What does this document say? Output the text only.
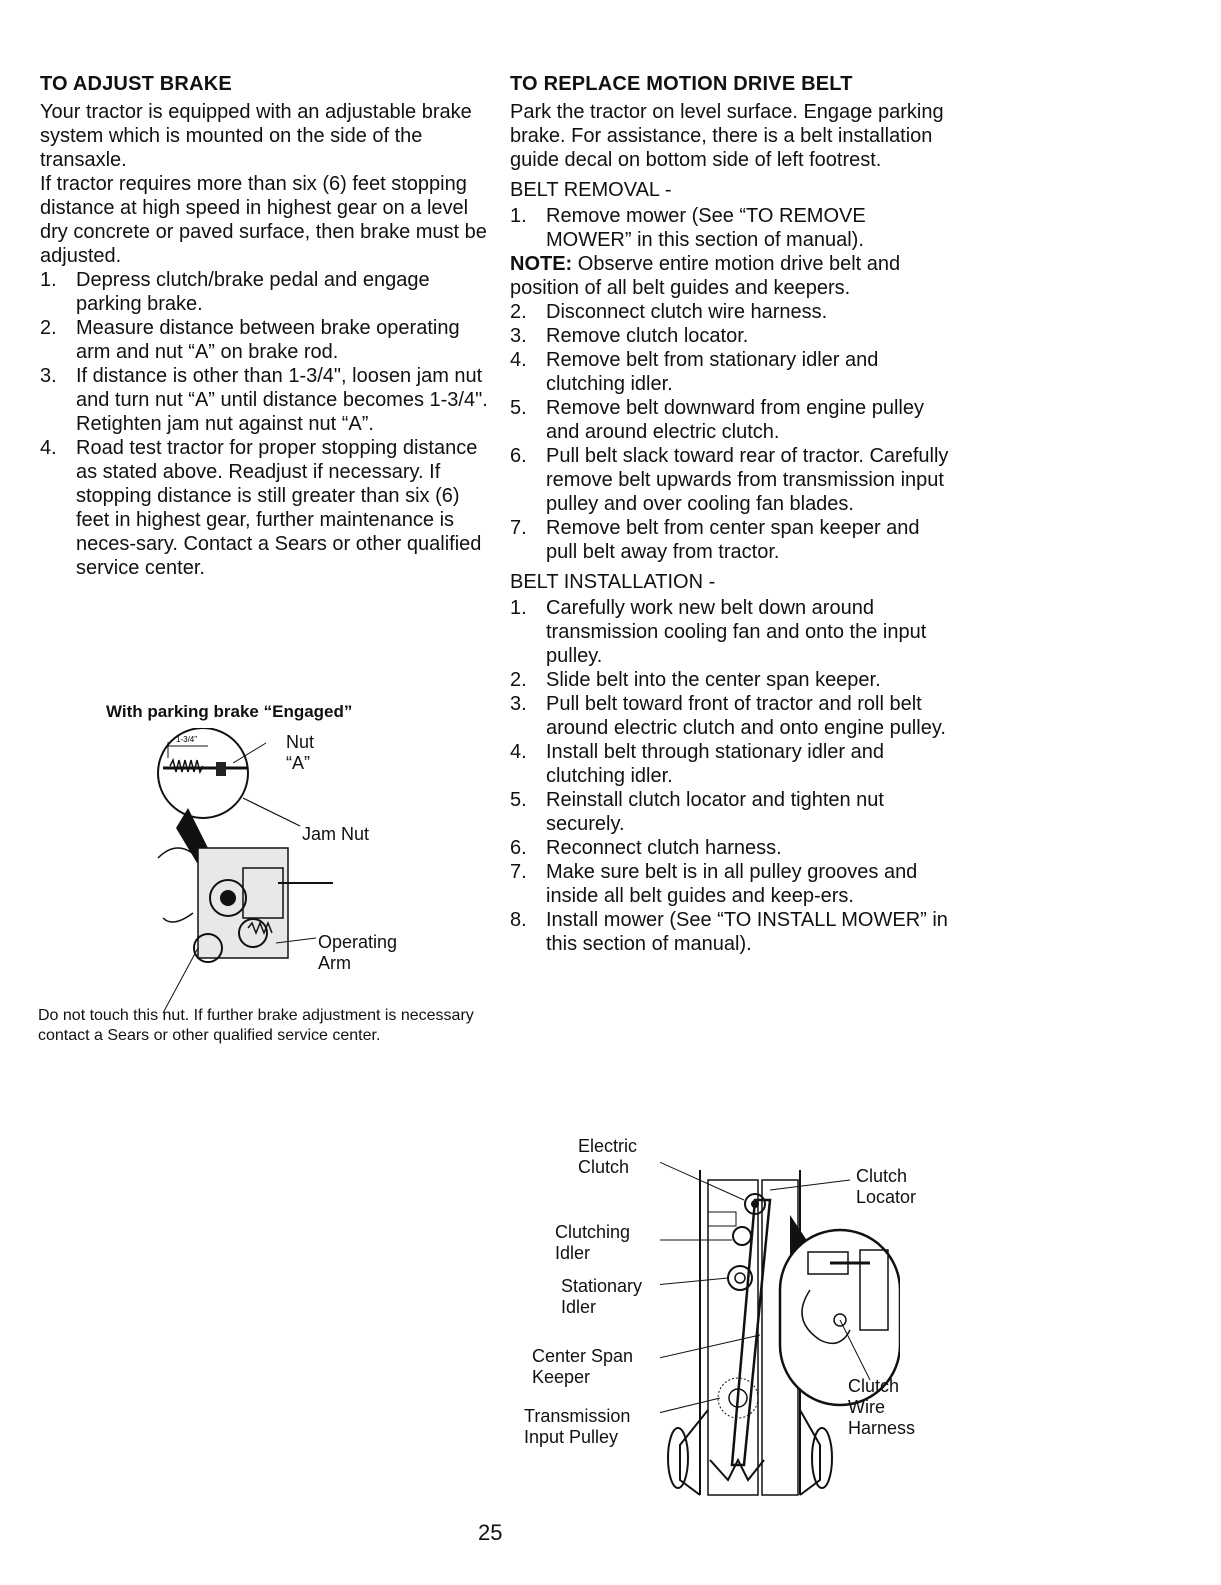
TO ADJUST BRAKE

Your tractor is equipped with an adjustable brake system which is mounted on the side of the transaxle.

If tractor requires more than six (6) feet stopping distance at high speed in highest gear on a level dry concrete or paved surface, then brake must be adjusted.

1. Depress clutch/brake pedal and engage parking brake.
2. Measure distance between brake operating arm and nut “A” on brake rod.
3. If distance is other than 1-3/4", loosen jam nut and turn nut “A” until distance becomes 1-3/4". Retighten jam nut against nut “A”.
4. Road test tractor for proper stopping distance as stated above. Readjust if necessary. If stopping distance is still greater than six (6) feet in highest gear, further maintenance is neces-sary. Contact a Sears or other qualified service center.
With parking brake “Engaged”
1-3/4"	Nut
“A”
Jam Nut
Operating
Arm
Do not touch this nut. If further brake adjustment is necessary contact a Sears or other qualified service center.
TO REPLACE MOTION DRIVE BELT

Park the tractor on level surface. Engage parking brake. For assistance, there is a belt installation guide decal on bottom side of left footrest.

BELT REMOVAL -
1. Remove mower (See “TO REMOVE MOWER” in this section of manual).

NOTE: Observe entire motion drive belt and position of all belt guides and keepers.

2. Disconnect clutch wire harness.
3. Remove clutch locator.
4. Remove belt from stationary idler and clutching idler.
5. Remove belt downward from engine pulley and around electric clutch.
6. Pull belt slack toward rear of tractor. Carefully remove belt upwards from transmission input pulley and over cooling fan blades.
7. Remove belt from center span keeper and pull belt away from tractor.
BELT INSTALLATION -
1. Carefully work new belt down around transmission cooling fan and onto the input pulley.
2. Slide belt into the center span keeper.
3. Pull belt toward front of tractor and roll belt around electric clutch and onto engine pulley.
4. Install belt through stationary idler and clutching idler.
5. Reinstall clutch locator and tighten nut securely.
6. Reconnect clutch harness.
7. Make sure belt is in all pulley grooves and inside all belt guides and keep-ers.
8. Install mower (See “TO INSTALL MOWER” in this section of manual).
Electric
Clutch	Clutch
Locator
Clutching
Idler
Stationary
Idler
Center Span
Keeper	Clutch
Wire
Harness
Transmission
Input Pulley
25
